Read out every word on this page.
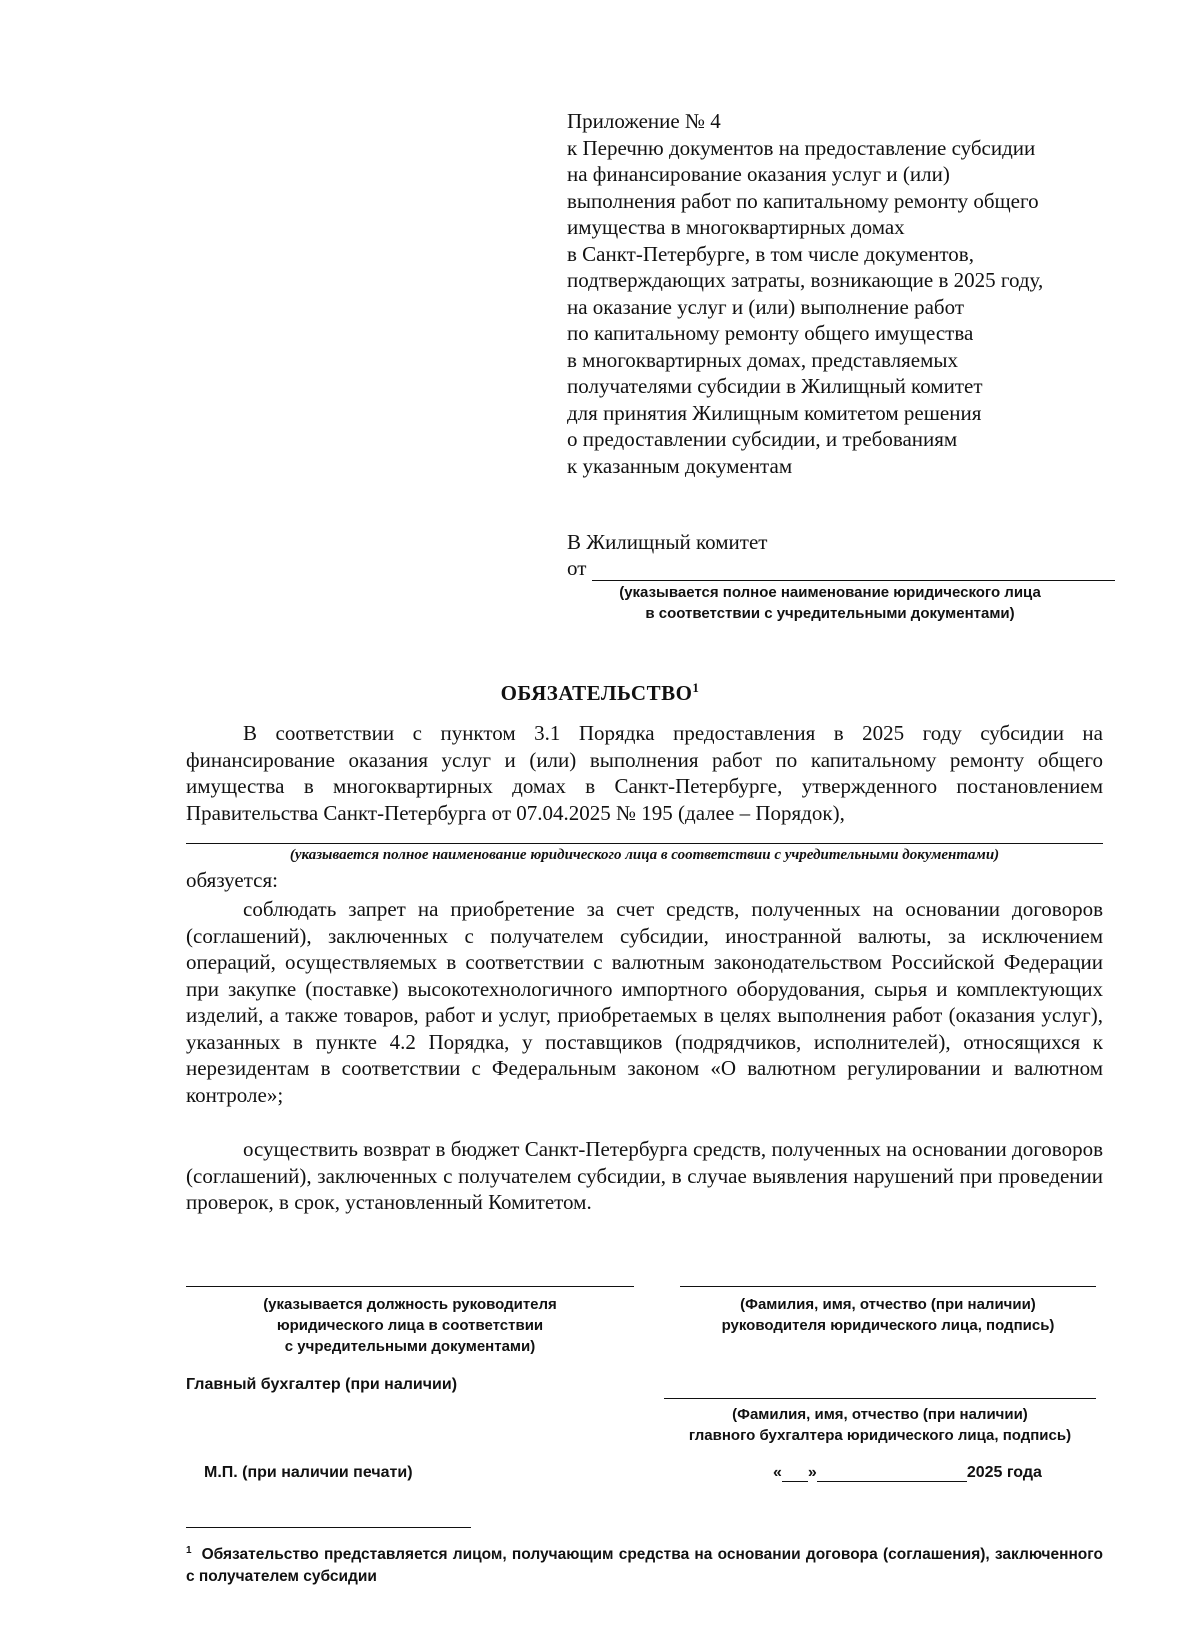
Приложение № 4
к Перечню документов на предоставление субсидии
на финансирование оказания услуг и (или)
выполнения работ по капитальному ремонту общего
имущества в многоквартирных домах
в Санкт-Петербурге, в том числе документов,
подтверждающих затраты, возникающие в 2025 году,
на оказание услуг и (или) выполнение работ
по капитальному ремонту общего имущества
в многоквартирных домах, представляемых
получателями субсидии в Жилищный комитет
для принятия Жилищным комитетом решения
о предоставлении субсидии, и требованиям
к указанным документам
В Жилищный комитет
от
(указывается полное наименование юридического лица
в соответствии с учредительными документами)
ОБЯЗАТЕЛЬСТВО$^1$
В соответствии с пунктом 3.1 Порядка предоставления в 2025 году субсидии на финансирование оказания услуг и (или) выполнения работ по капитальному ремонту общего имущества в многоквартирных домах в Санкт-Петербурге, утвержденного постановлением Правительства Санкт-Петербурга от 07.04.2025 № 195 (далее – Порядок),
(указывается полное наименование юридического лица в соответствии с учредительными документами)
обязуется:
соблюдать запрет на приобретение за счет средств, полученных на основании договоров (соглашений), заключенных с получателем субсидии, иностранной валюты, за исключением операций, осуществляемых в соответствии с валютным законодательством Российской Федерации при закупке (поставке) высокотехнологичного импортного оборудования, сырья и комплектующих изделий, а также товаров, работ и услуг, приобретаемых в целях выполнения работ (оказания услуг), указанных в пункте 4.2 Порядка, у поставщиков (подрядчиков, исполнителей), относящихся к нерезидентам в соответствии с Федеральным законом «О валютном регулировании и валютном контроле»;
осуществить возврат в бюджет Санкт-Петербурга средств, полученных на основании договоров (соглашений), заключенных с получателем субсидии, в случае выявления нарушений при проведении проверок, в срок, установленный Комитетом.
(указывается должность руководителя
юридического лица в соответствии
с учредительными документами)
(Фамилия, имя, отчество (при наличии)
руководителя юридического лица, подпись)
Главный бухгалтер (при наличии)
(Фамилия, имя, отчество (при наличии)
главного бухгалтера юридического лица, подпись)
М.П. (при наличии печати)	« »	2025 года
$^1$ Обязательство представляется лицом, получающим средства на основании договора (соглашения), заключенного с получателем субсидии
